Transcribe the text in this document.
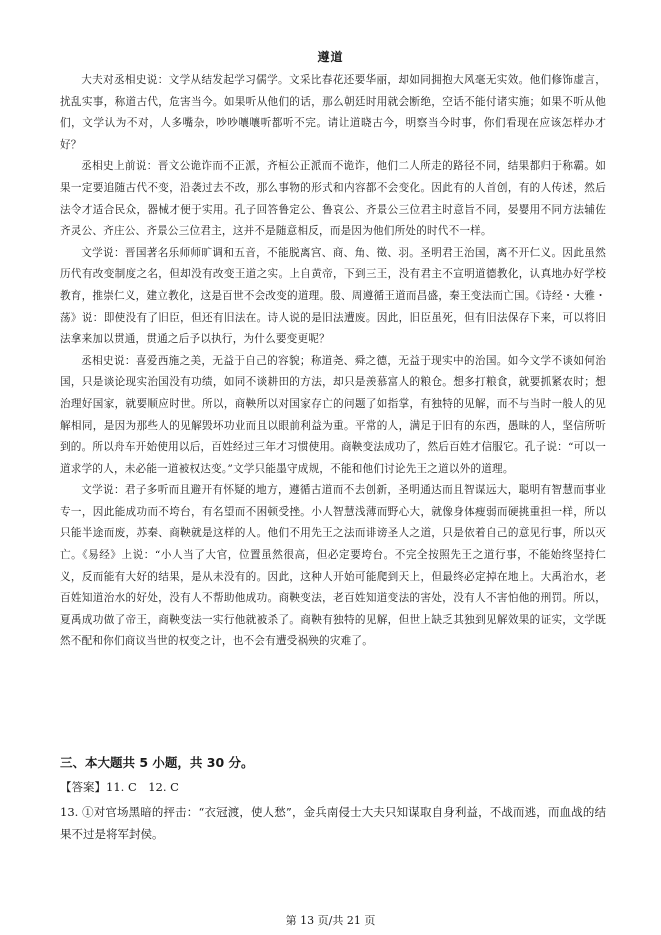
遵道

大夫对丞相史说：文学从结发起学习儒学。文采比春花还要华丽，却如同拥抱大风毫无实效。他们修饰虚言，扰乱实事，称道古代，危害当今。如果听从他们的话，那么朝廷时用就会断绝，空话不能付诸实施；如果不听从他们，文学认为不对，人多嘴杂，吵吵嚷嚷听都听不完。请让道晓古今，明察当今时事，你们看现在应该怎样办才好？

丞相史上前说：晋文公诡诈而不正派，齐桓公正派而不诡诈，他们二人所走的路径不同，结果都归于称霸。如果一定要追随古代不变，沿袭过去不改，那么事物的形式和内容都不会变化。因此有的人首创，有的人传述，然后法令才适合民众，器械才便于实用。孔子回答鲁定公、鲁哀公、齐景公三位君主时意旨不同，晏婴用不同方法辅佐齐灵公、齐庄公、齐景公三位君主，这并不是随意相反，而是因为他们所处的时代不一样。

文学说：晋国著名乐师师旷调和五音，不能脱离宫、商、角、徵、羽。圣明君王治国，离不开仁义。因此虽然历代有改变制度之名，但却没有改变王道之实。上自黄帝，下到三王，没有君主不宣明道德教化，认真地办好学校教育，推崇仁义，建立教化，这是百世不会改变的道理。殷、周遵循王道而昌盛，秦王变法而亡国。《诗经・大雅・荡》说：即使没有了旧臣，但还有旧法在。诗人说的是旧法遭废。因此，旧臣虽死，但有旧法保存下来，可以将旧法拿来加以贯通，贯通之后予以执行，为什么要变更呢？

丞相史说：喜爱西施之美，无益于自己的容貌；称道尧、舜之德，无益于现实中的治国。如今文学不谈如何治国，只是谈论现实治国没有功绩，如同不谈耕田的方法，却只是羡慕富人的粮仓。想多打粮食，就要抓紧农时；想治理好国家，就要顺应时世。所以，商鞅所以对国家存亡的问题了如指掌，有独特的见解，而不与当时一般人的见解相同，是因为那些人的见解毁坏功业而且以眼前利益为重。平常的人，满足于旧有的东西，愚昧的人，坚信所听到的。所以舟车开始使用以后，百姓经过三年才习惯使用。商鞅变法成功了，然后百姓才信服它。孔子说：“可以一道求学的人，未必能一道被权达变。”文学只能墨守成规，不能和他们讨论先王之道以外的道理。

文学说：君子多听而且避开有怀疑的地方，遵循古道而不去创新，圣明通达而且智谋远大，聪明有智慧而事业专一，因此能成功而不垮台，有名望而不困顿受挫。小人智慧浅薄而野心大，就像身体瘦弱而硬挑重担一样，所以只能半途而废，苏秦、商鞅就是这样的人。他们不用先王之法而诽谤圣人之道，只是依着自己的意见行事，所以灭亡。《易经》上说：“小人当了大官，位置虽然很高，但必定要垮台。不完全按照先王之道行事，不能始终坚持仁义，反而能有大好的结果，是从未没有的。因此，这种人开始可能爬到天上，但最终必定掉在地上。大禹治水，老百姓知道治水的好处，没有人不帮助他成功。商鞅变法，老百姓知道变法的害处，没有人不害怕他的刑罚。所以，夏禹成功做了帝王，商鞅变法一实行他就被杀了。商鞅有独特的见解，但世上缺乏其独到见解效果的证实，文学既然不配和你们商议当世的权变之计，也不会有遭受祸殃的灾难了。

三、本大题共 5 小题，共 30 分。
【答案】11. C　12. C

13. ①对官场黑暗的抨击：“衣冠渡，使人愁”，金兵南侵士大夫只知谋取自身利益，不战而逃，而血战的结果不过是将军封侯。

第 13 页/共 21 页
